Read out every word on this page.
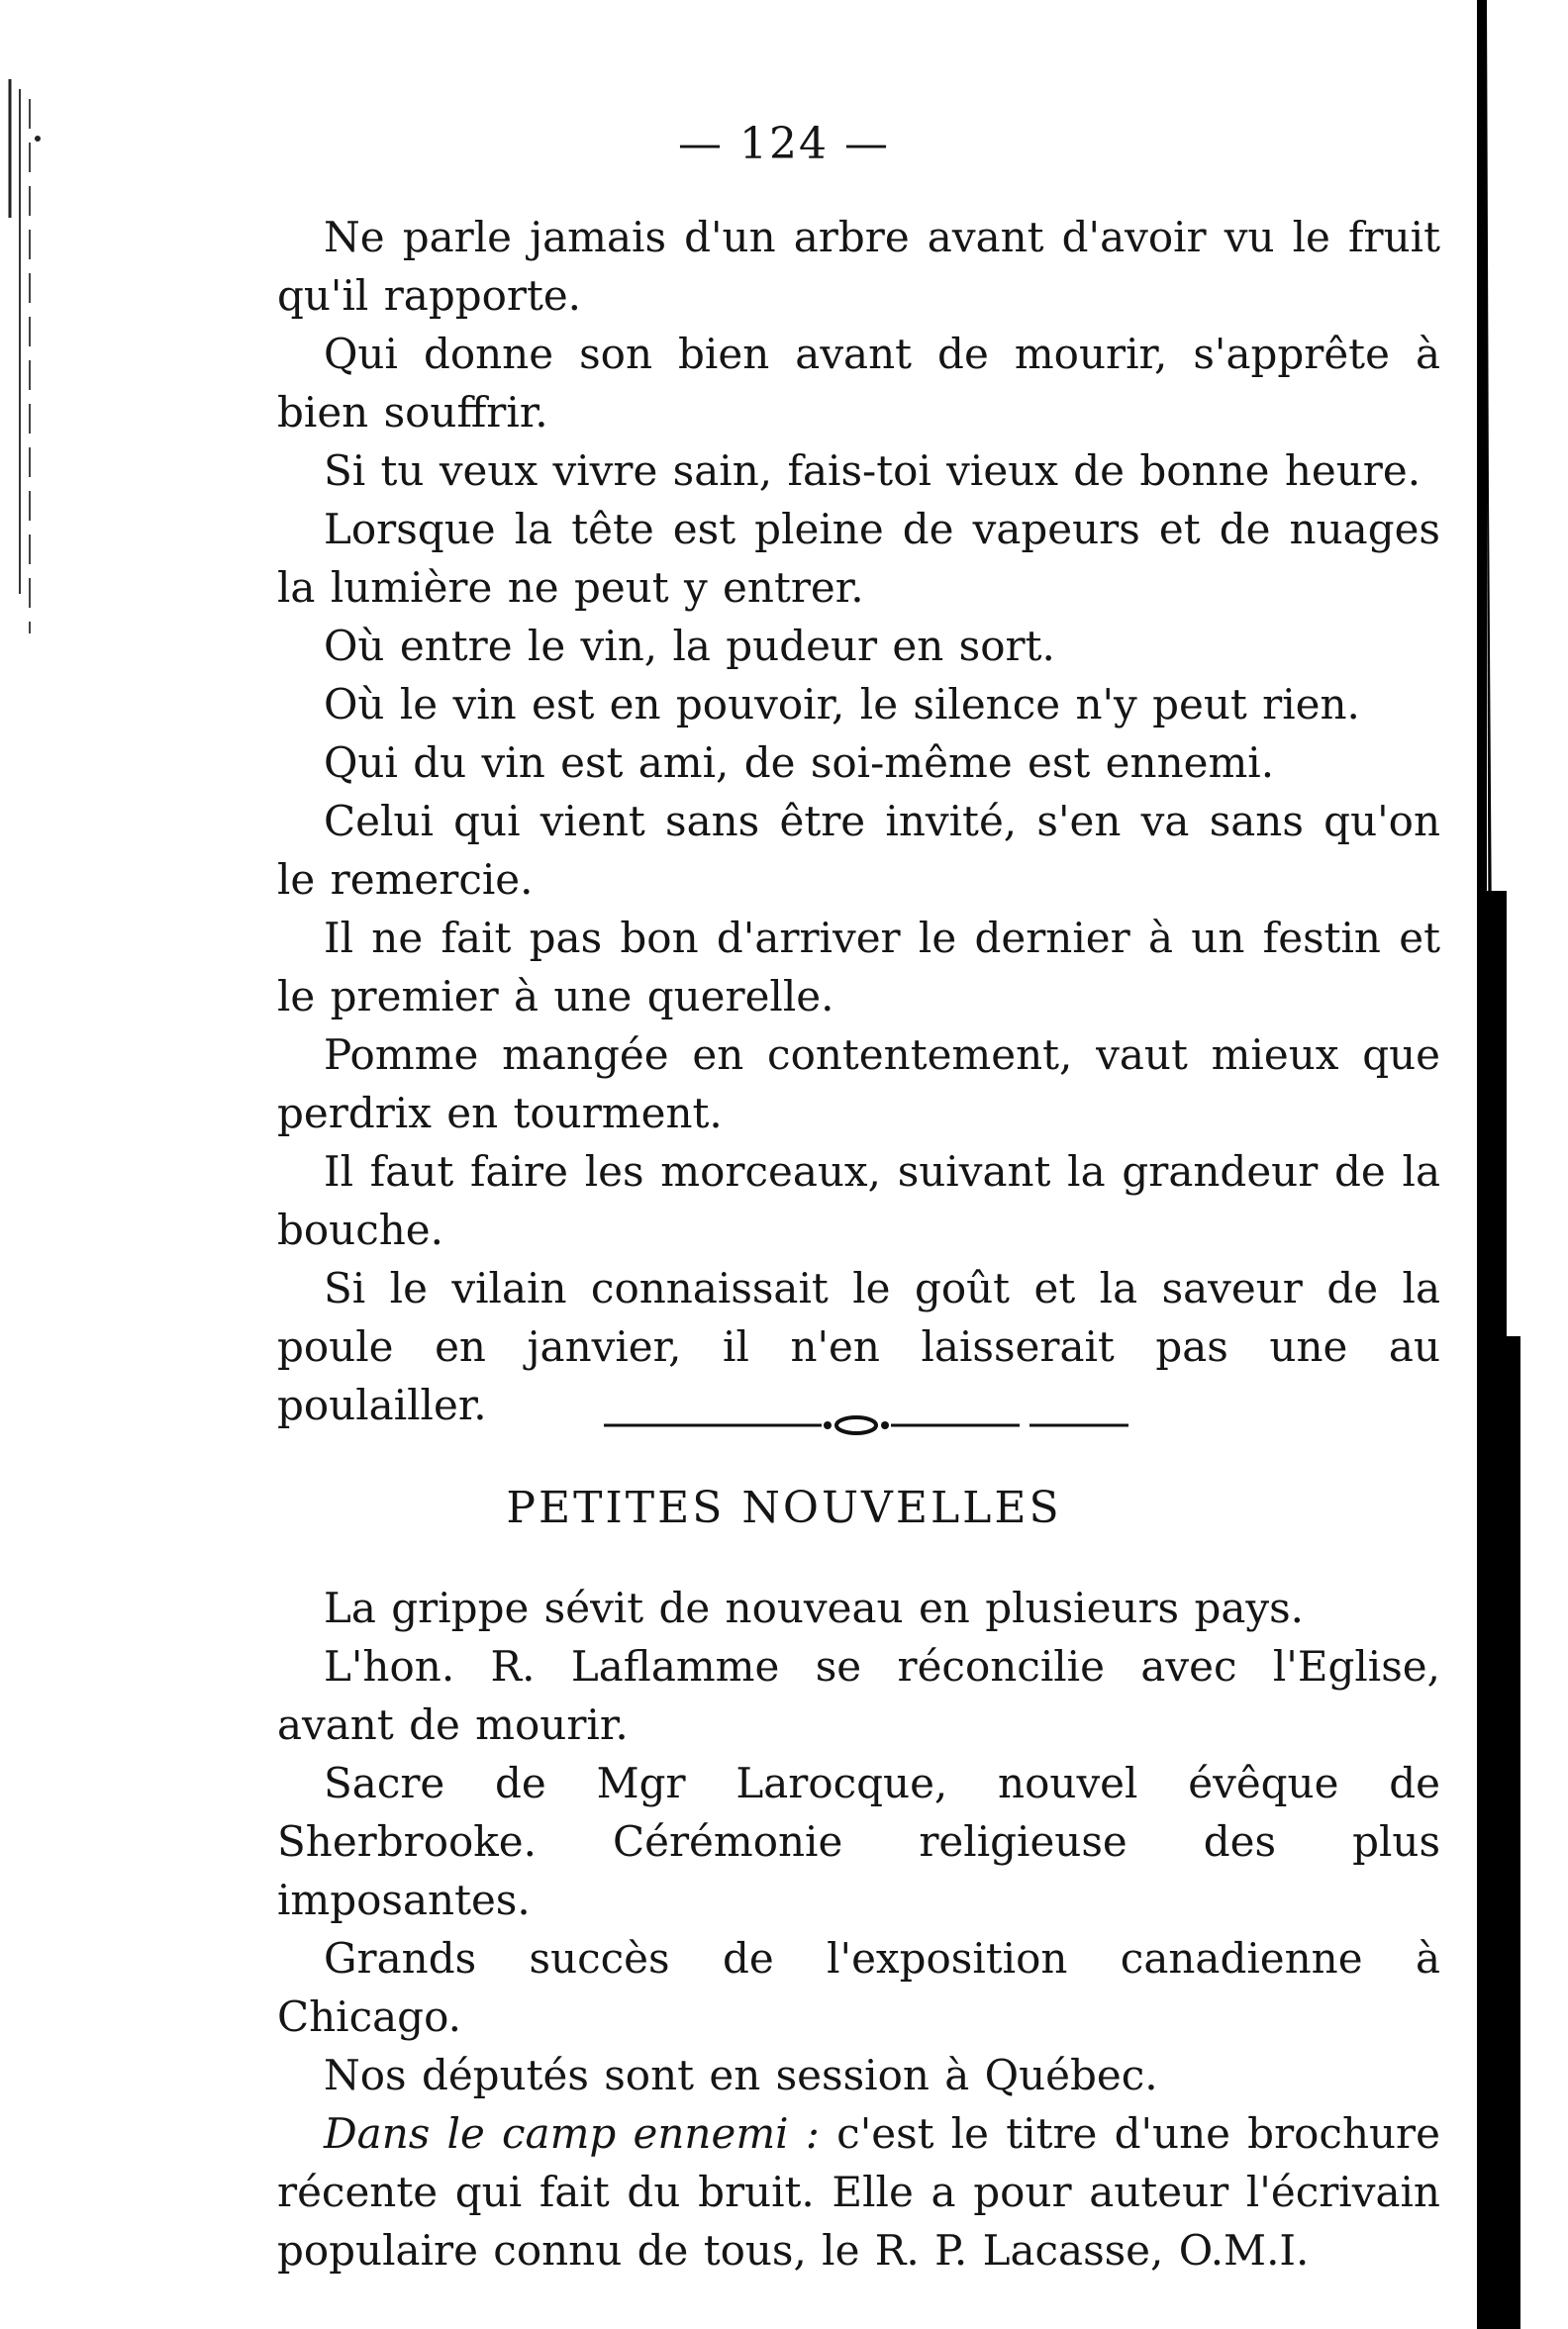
— 124 —

Ne parle jamais d'un arbre avant d'avoir vu le fruit qu'il rapporte.

Qui donne son bien avant de mourir, s'apprête à bien souffrir.

Si tu veux vivre sain, fais-toi vieux de bonne heure.

Lorsque la tête est pleine de vapeurs et de nuages la lumière ne peut y entrer.

Où entre le vin, la pudeur en sort.

Où le vin est en pouvoir, le silence n'y peut rien.

Qui du vin est ami, de soi-même est ennemi.

Celui qui vient sans être invité, s'en va sans qu'on le remercie.

Il ne fait pas bon d'arriver le dernier à un festin et le premier à une querelle.

Pomme mangée en contentement, vaut mieux que perdrix en tourment.

Il faut faire les morceaux, suivant la grandeur de la bouche.

Si le vilain connaissait le goût et la saveur de la poule en janvier, il n'en laisserait pas une au poulailler.

PETITES NOUVELLES

La grippe sévit de nouveau en plusieurs pays.

L'hon. R. Laflamme se réconcilie avec l'Eglise, avant de mourir.

Sacre de Mgr Larocque, nouvel évêque de Sherbrooke. Cérémonie religieuse des plus imposantes.

Grands succès de l'exposition canadienne à Chicago.

Nos députés sont en session à Québec.

Dans le camp ennemi : c'est le titre d'une brochure récente qui fait du bruit. Elle a pour auteur l'écrivain populaire connu de tous, le R. P. Lacasse, O.M.I.
